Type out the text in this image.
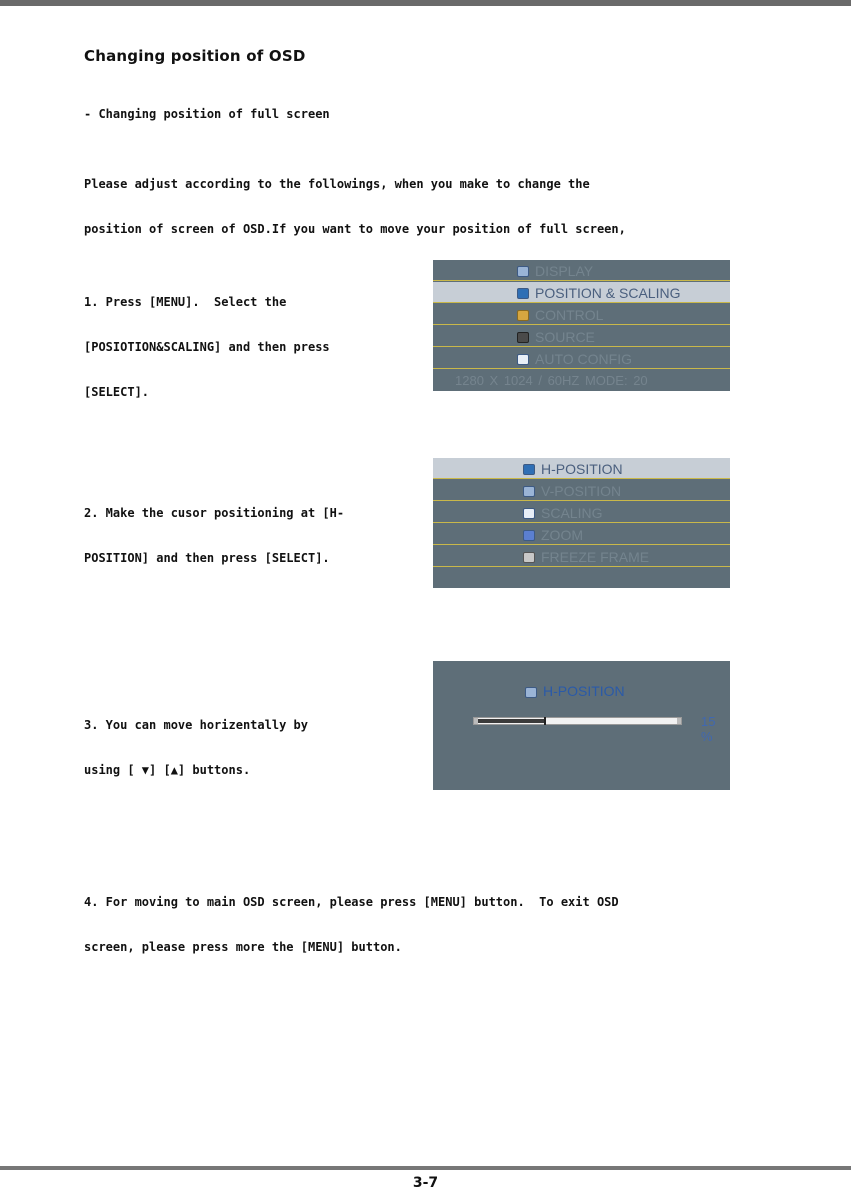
Changing position of OSD
- Changing position of full screen

Please adjust according to the followings, when you make to change the

position of screen of OSD.If you want to move your position of full screen,

1. Press [MENU].  Select the

[POSIOTION&SCALING] and then press

[SELECT].

DISPLAY
POSITION & SCALING
CONTROL
SOURCE
AUTO CONFIG
1280 X 1024 / 60HZ MODE: 20

2. Make the cusor positioning at [H-

POSITION] and then press [SELECT].

H-POSITION
V-POSITION
SCALING
ZOOM
FREEZE FRAME

3. You can move horizentally by

using [ ▼] [▲] buttons.

H-POSITION
15 %

4. For moving to main OSD screen, please press [MENU] button.  To exit OSD

screen, please press more the [MENU] button.

3-7
